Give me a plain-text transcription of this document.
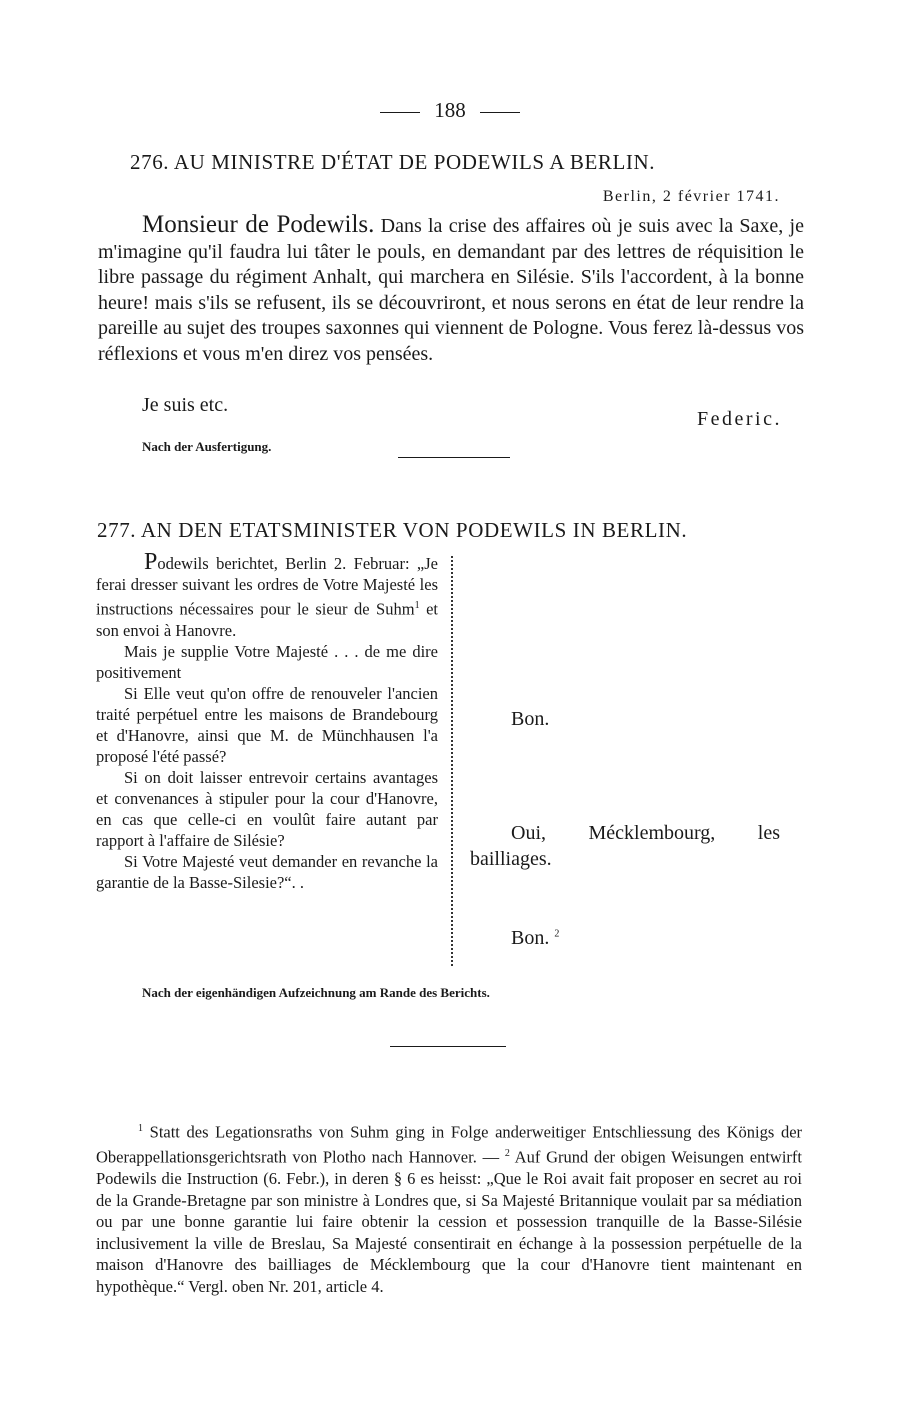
188
276. AU MINISTRE D'ÉTAT DE PODEWILS A BERLIN.
Berlin, 2 février 1741.

Monsieur de Podewils. Dans la crise des affaires où je suis avec la Saxe, je m'imagine qu'il faudra lui tâter le pouls, en demandant par des lettres de réquisition le libre passage du régiment Anhalt, qui marchera en Silésie. S'ils l'accordent, à la bonne heure! mais s'ils se refusent, ils se découvriront, et nous serons en état de leur rendre la pareille au sujet des troupes saxonnes qui viennent de Pologne. Vous ferez là-dessus vos réflexions et vous m'en direz vos pensées.

Je suis etc.
Federic.
Nach der Ausfertigung.
277. AN DEN ETATSMINISTER VON PODEWILS IN BERLIN.

Podewils berichtet, Berlin 2. Februar: „Je ferai dresser suivant les ordres de Votre Majesté les instructions nécessaires pour le sieur de Suhm$^1$ et son envoi à Hanovre.

Mais je supplie Votre Majesté . . . de me dire positivement

Si Elle veut qu'on offre de renouveler l'ancien traité perpétuel entre les maisons de Brandebourg et d'Hanovre, ainsi que M. de Münchhausen l'a proposé l'été passé?

Si on doit laisser entrevoir certains avantages et convenances à stipuler pour la cour d'Hanovre, en cas que celle-ci en voulût faire autant par rapport à l'affaire de Silésie?

Si Votre Majesté veut demander en revanche la garantie de la Basse-Silesie?“. .

Bon.
Oui, Mécklembourg, les bailliages.
Bon. $^2$
Nach der eigenhändigen Aufzeichnung am Rande des Berichts.

$^1$ Statt des Legationsraths von Suhm ging in Folge anderweitiger Entschliessung des Königs der Oberappellationsgerichtsrath von Plotho nach Hannover. — $^2$ Auf Grund der obigen Weisungen entwirft Podewils die Instruction (6. Febr.), in deren § 6 es heisst: „Que le Roi avait fait proposer en secret au roi de la Grande-Bretagne par son ministre à Londres que, si Sa Majesté Britannique voulait par sa médiation ou par une bonne garantie lui faire obtenir la cession et possession tranquille de la Basse-Silésie inclusivement la ville de Breslau, Sa Majesté consentirait en échange à la possession perpétuelle de la maison d'Hanovre des bailliages de Mécklembourg que la cour d'Hanovre tient maintenant en hypothèque.“ Vergl. oben Nr. 201, article 4.
